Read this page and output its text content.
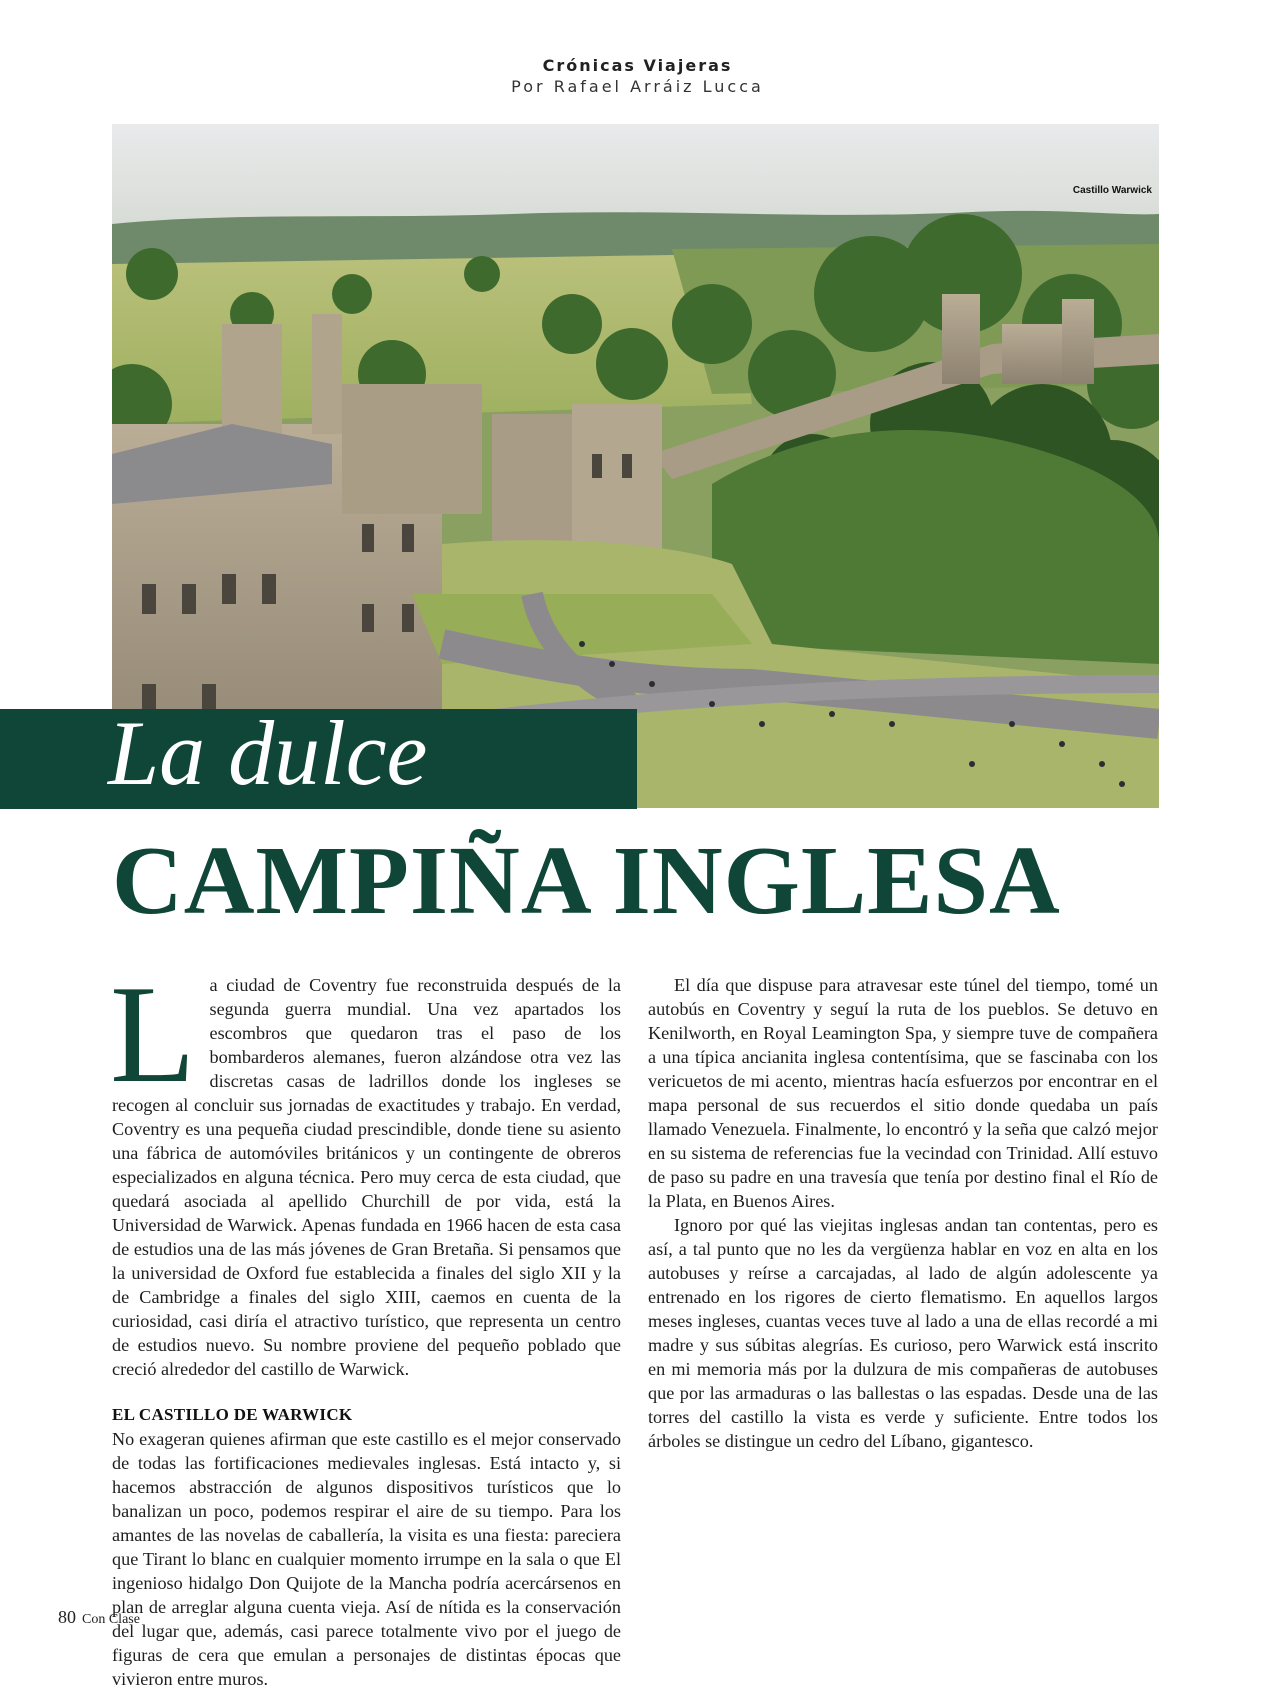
Crónicas Viajeras
Por Rafael Arráiz Lucca
Castillo Warwick
La dulce
CAMPIÑA INGLESA
L a ciudad de Coventry fue reconstruida después de la segunda guerra mundial. Una vez apartados los escombros que quedaron tras el paso de los bombarderos alemanes, fueron alzándose otra vez las discretas casas de ladrillos donde los ingleses se recogen al concluir sus jornadas de exactitudes y trabajo. En verdad, Coventry es una pequeña ciudad prescindible, donde tiene su asiento una fábrica de automóviles británicos y un contingente de obreros especializados en alguna técnica. Pero muy cerca de esta ciudad, que quedará asociada al apellido Churchill de por vida, está la Universidad de Warwick. Apenas fundada en 1966 hacen de esta casa de estudios una de las más jóvenes de Gran Bretaña. Si pensamos que la universidad de Oxford fue establecida a finales del siglo XII y la de Cambridge a finales del siglo XIII, caemos en cuenta de la curiosidad, casi diría el atractivo turístico, que representa un centro de estudios nuevo. Su nombre proviene del pequeño poblado que creció alrededor del castillo de Warwick.

EL CASTILLO DE WARWICK

No exageran quienes afirman que este castillo es el mejor conservado de todas las fortificaciones medievales inglesas. Está intacto y, si hacemos abstracción de algunos dispositivos turísticos que lo banalizan un poco, podemos respirar el aire de su tiempo. Para los amantes de las novelas de caballería, la visita es una fiesta: pareciera que Tirant lo blanc en cualquier momento irrumpe en la sala o que El ingenioso hidalgo Don Quijote de la Mancha podría acercársenos en plan de arreglar alguna cuenta vieja. Así de nítida es la conservación del lugar que, además, casi parece totalmente vivo por el juego de figuras de cera que emulan a personajes de distintas épocas que vivieron entre muros.

El día que dispuse para atravesar este túnel del tiempo, tomé un autobús en Coventry y seguí la ruta de los pueblos. Se detuvo en Kenilworth, en Royal Leamington Spa, y siempre tuve de compañera a una típica ancianita inglesa contentísima, que se fascinaba con los vericuetos de mi acento, mientras hacía esfuerzos por encontrar en el mapa personal de sus recuerdos el sitio donde quedaba un país llamado Venezuela. Finalmente, lo encontró y la seña que calzó mejor en su sistema de referencias fue la vecindad con Trinidad. Allí estuvo de paso su padre en una travesía que tenía por destino final el Río de la Plata, en Buenos Aires.

Ignoro por qué las viejitas inglesas andan tan contentas, pero es así, a tal punto que no les da vergüenza hablar en voz en alta en los autobuses y reírse a carcajadas, al lado de algún adolescente ya entrenado en los rigores de cierto flematismo. En aquellos largos meses ingleses, cuantas veces tuve al lado a una de ellas recordé a mi madre y sus súbitas alegrías. Es curioso, pero Warwick está inscrito en mi memoria más por la dulzura de mis compañeras de autobuses que por las armaduras o las ballestas o las espadas. Desde una de las torres del castillo la vista es verde y suficiente. Entre todos los árboles se distingue un cedro del Líbano, gigantesco.

80 Con Clase
